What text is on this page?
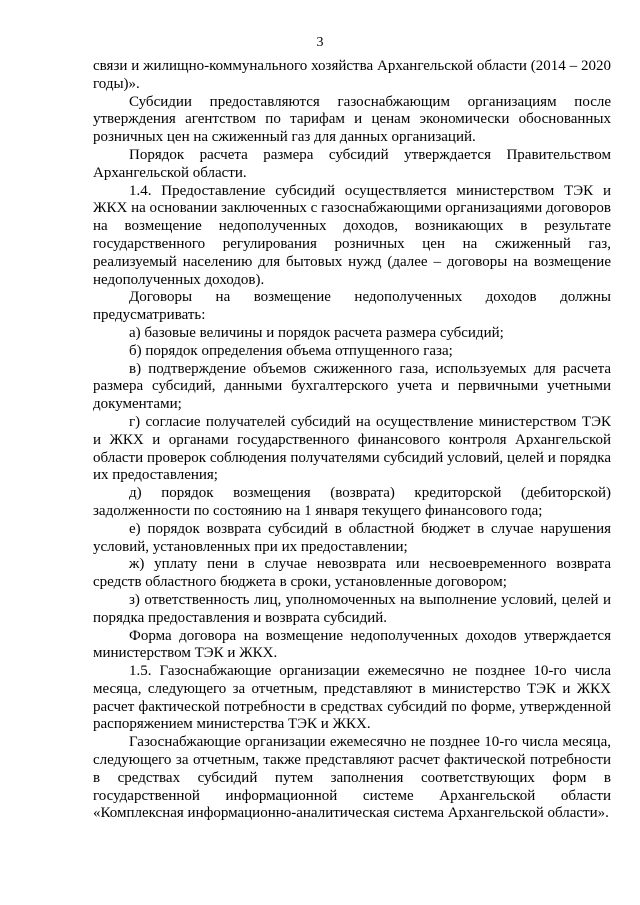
3

связи и жилищно-коммунального хозяйства Архангельской области (2014 – 2020 годы)».

Субсидии предоставляются газоснабжающим организациям после утверждения агентством по тарифам и ценам экономически обоснованных розничных цен на сжиженный газ для данных организаций.

Порядок расчета размера субсидий утверждается Правительством Архангельской области.

1.4. Предоставление субсидий осуществляется министерством ТЭК и ЖКХ на основании заключенных с газоснабжающими организациями договоров на возмещение недополученных доходов, возникающих в результате государственного регулирования розничных цен на сжиженный газ, реализуемый населению для бытовых нужд (далее – договоры на возмещение недополученных доходов).

Договоры на возмещение недополученных доходов должны предусматривать:

а) базовые величины и порядок расчета размера субсидий;

б) порядок определения объема отпущенного газа;

в) подтверждение объемов сжиженного газа, используемых для расчета размера субсидий, данными бухгалтерского учета и первичными учетными документами;

г) согласие получателей субсидий на осуществление министерством ТЭК и ЖКХ и органами государственного финансового контроля Архангельской области проверок соблюдения получателями субсидий условий, целей и порядка их предоставления;

д) порядок возмещения (возврата) кредиторской (дебиторской) задолженности по состоянию на 1 января текущего финансового года;

е) порядок возврата субсидий в областной бюджет в случае нарушения условий, установленных при их предоставлении;

ж) уплату пени в случае невозврата или несвоевременного возврата средств областного бюджета в сроки, установленные договором;

з) ответственность лиц, уполномоченных на выполнение условий, целей и порядка предоставления и возврата субсидий.

Форма договора на возмещение недополученных доходов утверждается министерством ТЭК и ЖКХ.

1.5. Газоснабжающие организации ежемесячно не позднее 10-го числа месяца, следующего за отчетным, представляют в министерство ТЭК и ЖКХ расчет фактической потребности в средствах субсидий по форме, утвержденной распоряжением министерства ТЭК и ЖКХ.

Газоснабжающие организации ежемесячно не позднее 10-го числа месяца, следующего за отчетным, также представляют расчет фактической потребности в средствах субсидий путем заполнения соответствующих форм в государственной информационной системе Архангельской области «Комплексная информационно-аналитическая система Архангельской области».
